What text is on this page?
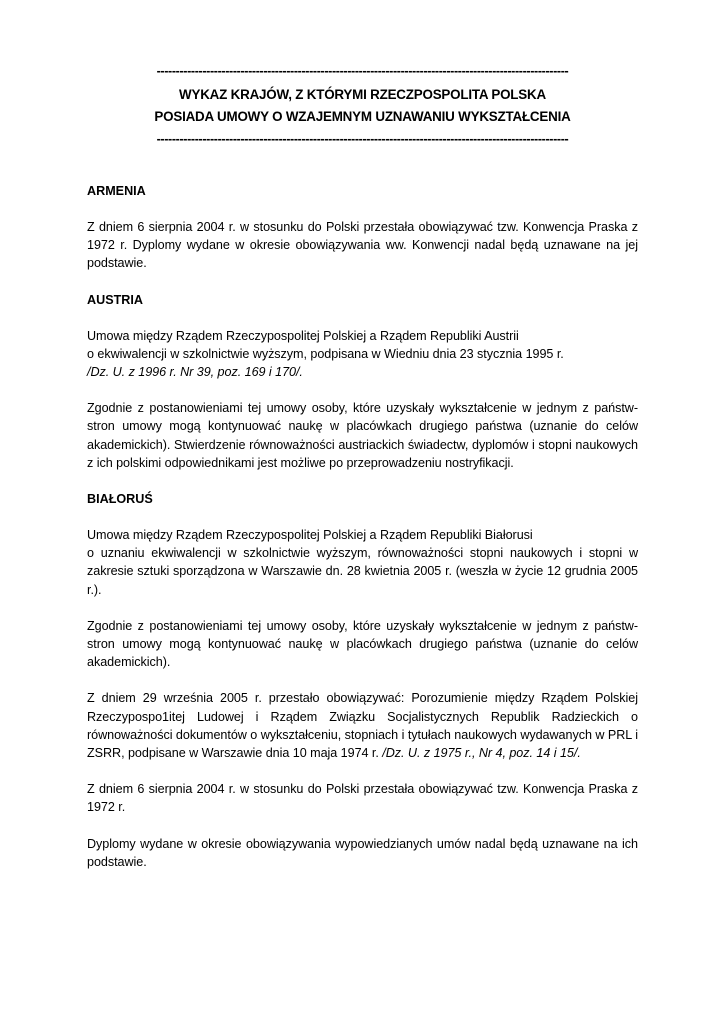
------------------------------------------------------------------------------------------------------------
WYKAZ KRAJÓW, Z KTÓRYMI RZECZPOSPOLITA POLSKA
POSIADA UMOWY O WZAJEMNYM UZNAWANIU WYKSZTAŁCENIA
------------------------------------------------------------------------------------------------------------
ARMENIA

Z dniem 6 sierpnia 2004 r. w stosunku do Polski przestała obowiązywać tzw. Konwencja Praska z 1972 r. Dyplomy wydane w okresie obowiązywania ww. Konwencji nadal będą uznawane na jej podstawie.

AUSTRIA

Umowa między Rządem Rzeczypospolitej Polskiej a Rządem Republiki Austrii
o ekwiwalencji w szkolnictwie wyższym, podpisana w Wiedniu dnia 23 stycznia 1995 r.
/Dz. U. z 1996 r. Nr 39, poz. 169 i 170/.

Zgodnie z postanowieniami tej umowy osoby, które uzyskały wykształcenie w jednym z państw-stron umowy mogą kontynuować naukę w placówkach drugiego państwa (uznanie do celów akademickich). Stwierdzenie równoważności austriackich świadectw, dyplomów i stopni naukowych z ich polskimi odpowiednikami jest możliwe po przeprowadzeniu nostryfikacji.

BIAŁORUŚ

Umowa między Rządem Rzeczypospolitej Polskiej a Rządem Republiki Białorusi
o uznaniu ekwiwalencji w szkolnictwie wyższym, równoważności stopni naukowych i stopni w zakresie sztuki sporządzona w Warszawie dn. 28 kwietnia 2005 r. (weszła w życie 12 grudnia 2005 r.).

Zgodnie z postanowieniami tej umowy osoby, które uzyskały wykształcenie w jednym z państw-stron umowy mogą kontynuować naukę w placówkach drugiego państwa (uznanie do celów akademickich).

Z dniem 29 września 2005 r. przestało obowiązywać: Porozumienie między Rządem Polskiej Rzeczypospo1itej Ludowej i Rządem Związku Socjalistycznych Republik Radzieckich o równoważności dokumentów o wykształceniu, stopniach i tytułach naukowych wydawanych w PRL i ZSRR, podpisane w Warszawie dnia 10 maja 1974 r. /Dz. U. z 1975 r., Nr 4, poz. 14 i 15/.

Z dniem 6 sierpnia 2004 r. w stosunku do Polski przestała obowiązywać tzw. Konwencja Praska z 1972 r.

Dyplomy wydane w okresie obowiązywania wypowiedzianych umów nadal będą uznawane na ich podstawie.
